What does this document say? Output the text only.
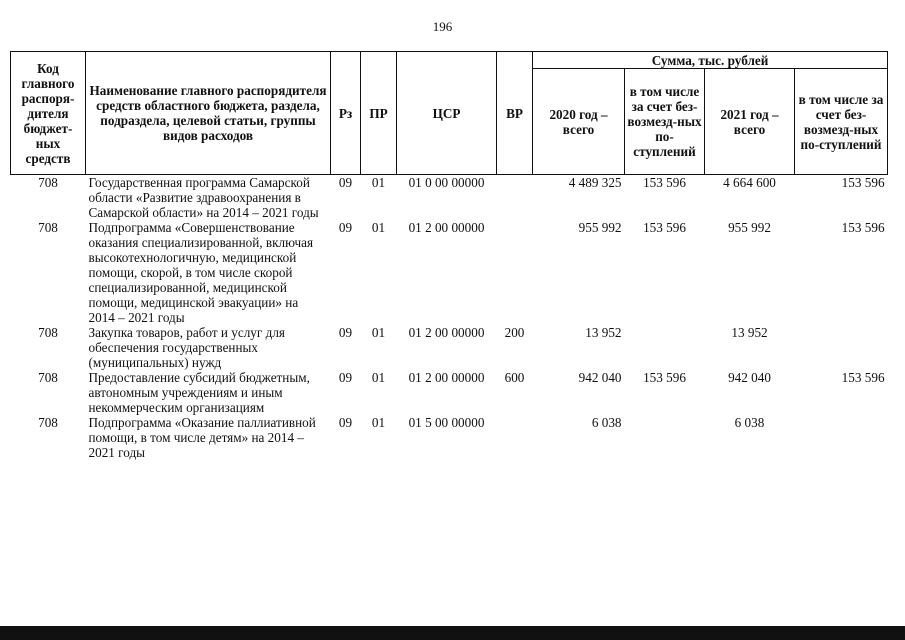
196
Код главного распоря-дителя бюджет-ных средств	Наименование главного распорядителя средств областного бюджета, раздела, подраздела, целевой статьи, группы видов расходов	Рз	ПР	ЦСР	ВР	Сумма, тыс. рублей			
						2020 год – всего	в том числе за счет без-возмезд-ных по-ступлений	2021 год – всего	в том числе за счет без-возмезд-ных по-ступлений
708	Государственная программа Самарской области «Развитие здравоохранения в Самарской области» на 2014 – 2021 годы	09	01	01 0 00 00000		4 489 325	153 596	4 664 600	153 596
708	Подпрограмма «Совершенствование оказания специализированной, включая высокотехнологичную, медицинской помощи, скорой, в том числе скорой специализированной, медицинской помощи, медицинской эвакуации» на 2014 – 2021 годы	09	01	01 2 00 00000		955 992	153 596	955 992	153 596
708	Закупка товаров, работ и услуг для обеспечения государственных (муниципальных) нужд	09	01	01 2 00 00000	200	13 952		13 952	
708	Предоставление субсидий бюджетным, автономным учреждениям и иным некоммерческим организациям	09	01	01 2 00 00000	600	942 040	153 596	942 040	153 596
708	Подпрограмма «Оказание паллиативной помощи, в том числе детям» на 2014 – 2021 годы	09	01	01 5 00 00000		6 038		6 038	
